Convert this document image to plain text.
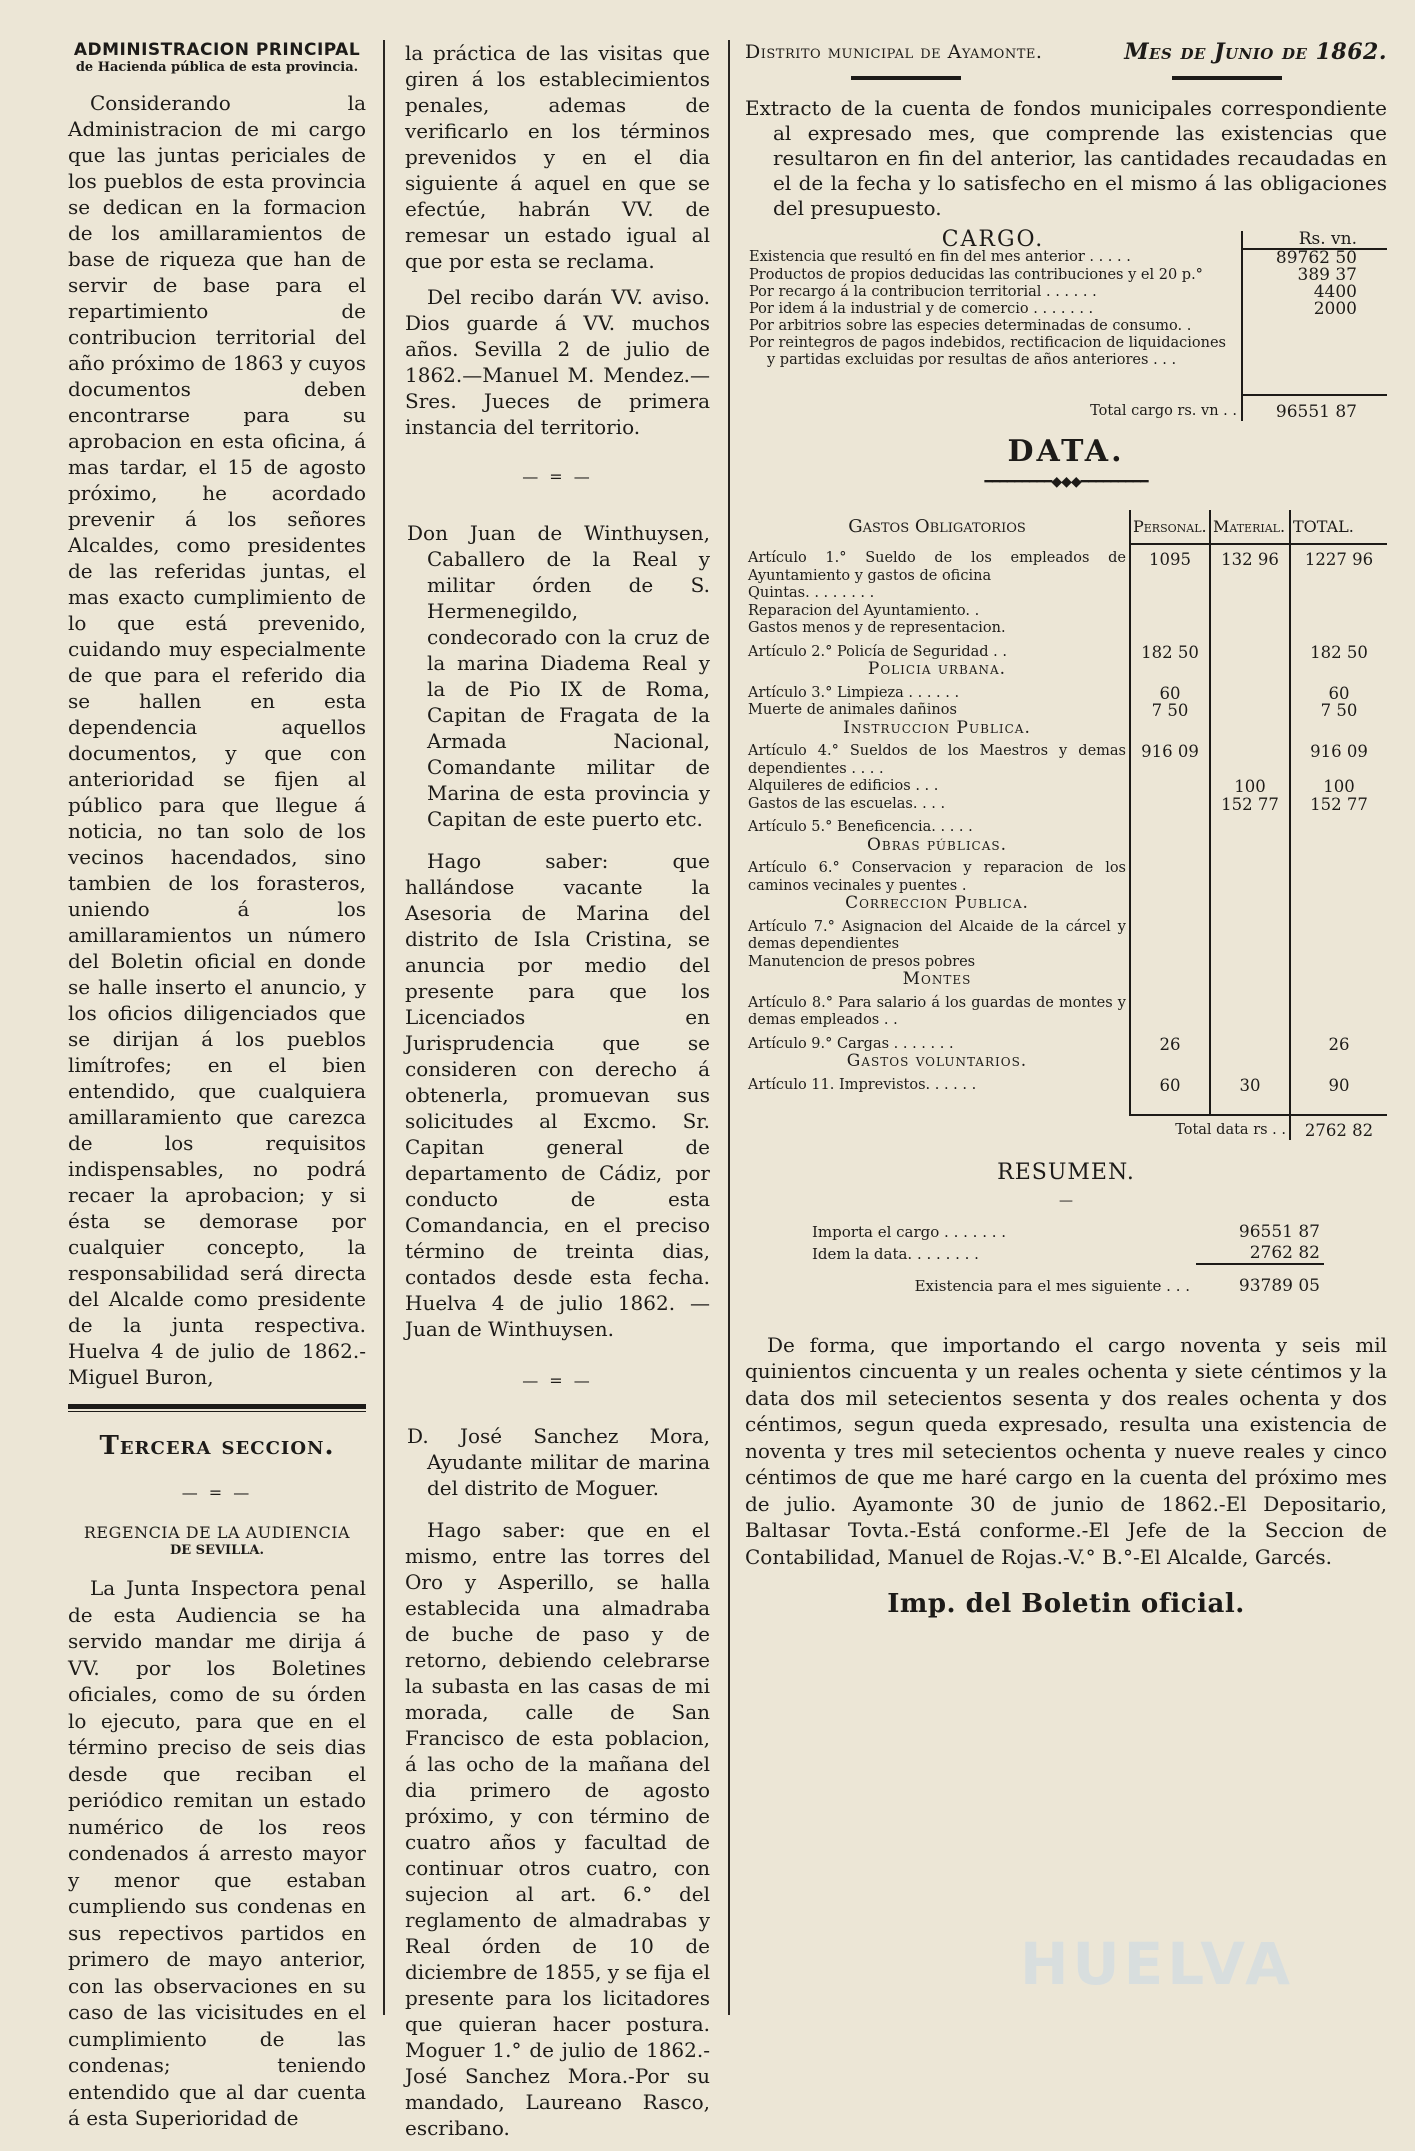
ADMINISTRACION PRINCIPAL
de Hacienda pública de esta provincia.

Considerando la Administracion de mi cargo que las juntas periciales de los pueblos de esta provincia se dedican en la formacion de los amillaramientos de base de riqueza que han de servir de base para el repartimiento de contribucion territorial del año próximo de 1863 y cuyos documentos deben encontrarse para su aprobacion en esta oficina, á mas tardar, el 15 de agosto próximo, he acordado prevenir á los señores Alcaldes, como presidentes de las referidas juntas, el mas exacto cumplimiento de lo que está prevenido, cuidando muy especialmente de que para el referido dia se hallen en esta dependencia aquellos documentos, y que con anterioridad se fijen al público para que llegue á noticia, no tan solo de los vecinos hacendados, sino tambien de los forasteros, uniendo á los amillaramientos un número del Boletin oficial en donde se halle inserto el anuncio, y los oficios diligenciados que se dirijan á los pueblos limítrofes; en el bien entendido, que cualquiera amillaramiento que carezca de los requisitos indispensables, no podrá recaer la aprobacion; y si ésta se demorase por cualquier concepto, la responsabilidad será directa del Alcalde como presidente de la junta respectiva. Huelva 4 de julio de 1862.-Miguel Buron,

Tercera seccion.
— = —
REGENCIA DE LA AUDIENCIA
DE SEVILLA.

La Junta Inspectora penal de esta Audiencia se ha servido mandar me dirija á VV. por los Boletines oficiales, como de su órden lo ejecuto, para que en el término preciso de seis dias desde que reciban el periódico remitan un estado numérico de los reos condenados á arresto mayor y menor que estaban cumpliendo sus condenas en sus repectivos partidos en primero de mayo anterior, con las observaciones en su caso de las vicisitudes en el cumplimiento de las condenas; teniendo entendido que al dar cuenta á esta Superioridad de

la práctica de las visitas que giren á los establecimientos penales, ademas de verificarlo en los términos prevenidos y en el dia siguiente á aquel en que se efectúe, habrán VV. de remesar un estado igual al que por esta se reclama.

Del recibo darán VV. aviso. Dios guarde á VV. muchos años. Sevilla 2 de julio de 1862.—Manuel M. Mendez.—Sres. Jueces de primera instancia del territorio.

— = —

Don Juan de Winthuysen, Caballero de la Real y militar órden de S. Hermenegildo, condecorado con la cruz de la marina Diadema Real y la de Pio IX de Roma, Capitan de Fragata de la Armada Nacional, Comandante militar de Marina de esta provincia y Capitan de este puerto etc.

Hago saber: que hallándose vacante la Asesoria de Marina del distrito de Isla Cristina, se anuncia por medio del presente para que los Licenciados en Jurisprudencia que se consideren con derecho á obtenerla, promuevan sus solicitudes al Excmo. Sr. Capitan general de departamento de Cádiz, por conducto de esta Comandancia, en el preciso término de treinta dias, contados desde esta fecha. Huelva 4 de julio 1862. —Juan de Winthuysen.

— = —

D. José Sanchez Mora, Ayudante militar de marina del distrito de Moguer.

Hago saber: que en el mismo, entre las torres del Oro y Asperillo, se halla establecida una almadraba de buche de paso y de retorno, debiendo celebrarse la subasta en las casas de mi morada, calle de San Francisco de esta poblacion, á las ocho de la mañana del dia primero de agosto próximo, y con término de cuatro años y facultad de continuar otros cuatro, con sujecion al art. 6.° del reglamento de almadrabas y Real órden de 10 de diciembre de 1855, y se fija el presente para los licitadores que quieran hacer postura. Moguer 1.° de julio de 1862.-José Sanchez Mora.-Por su mandado, Laureano Rasco, escribano.

Distrito municipal de Ayamonte.	Mes de Junio de 1862.

Extracto de la cuenta de fondos municipales correspondiente al expresado mes, que comprende las existencias que resultaron en fin del anterior, las cantidades recaudadas en el de la fecha y lo satisfecho en el mismo á las obligaciones del presupuesto.

CARGO.	Rs. vn.
Existencia que resultó en fin del mes anterior . . . . .	89762 50
Productos de propios deducidas las contribuciones y el 20 p.°	389 37
Por recargo á la contribucion territorial . . . . . .	4400
Por idem á la industrial y de comercio . . . . . . .	2000
Por arbitrios sobre las especies determinadas de consumo. .	
Por reintegros de pagos indebidos, rectificacion de liquidaciones	
y partidas excluidas por resultas de años anteriores . . .	

Total cargo rs. vn . .	96551 87
DATA.
━━━━━━━━━◆◆◆━━━━━━━━━
Gastos Obligatorios	Personal.	Material.	TOTAL.
Artículo 1.° Sueldo de los empleados de Ayuntamiento y gastos de oficina	1095	132 96	1227 96
Quintas. . . . . . . .			
Reparacion del Ayuntamiento. .			
Gastos menos y de representacion.			
Artículo 2.° Policía de Seguridad . .	182 50		182 50
Policia urbana.			
Artículo 3.° Limpieza . . . . . .	60		60
Muerte de animales dañinos	7 50		7 50
Instruccion Publica.			
Artículo 4.° Sueldos de los Maestros y demas dependientes . . . .	916 09		916 09
Alquileres de edificios . . .		100	100
Gastos de las escuelas. . . .		152 77	152 77
Artículo 5.° Beneficencia. . . . .			
Obras públicas.			
Artículo 6.° Conservacion y reparacion de los caminos vecinales y puentes .			
Correccion Publica.			
Artículo 7.° Asignacion del Alcaide de la cárcel y demas dependientes			
Manutencion de presos pobres			
Montes			
Artículo 8.° Para salario á los guardas de montes y demas empleados . .			
Artículo 9.° Cargas . . . . . . .	26		26
Gastos voluntarios.			
Artículo 11. Imprevistos. . . . . .	60	30	90

Total data rs . .			2762 82
RESUMEN.
—
Importa el cargo . . . . . . .	96551 87
Idem la data. . . . . . . .	2762 82
Existencia para el mes siguiente . . .	93789 05

De forma, que importando el cargo noventa y seis mil quinientos cincuenta y un reales ochenta y siete céntimos y la data dos mil setecientos sesenta y dos reales ochenta y dos céntimos, segun queda expresado, resulta una existencia de noventa y tres mil setecientos ochenta y nueve reales y cinco céntimos de que me haré cargo en la cuenta del próximo mes de julio. Ayamonte 30 de junio de 1862.-El Depositario, Baltasar Tovta.-Está conforme.-El Jefe de la Seccion de Contabilidad, Manuel de Rojas.-V.° B.°-El Alcalde, Garcés.

Imp. del Boletin oficial.
HUELVA
